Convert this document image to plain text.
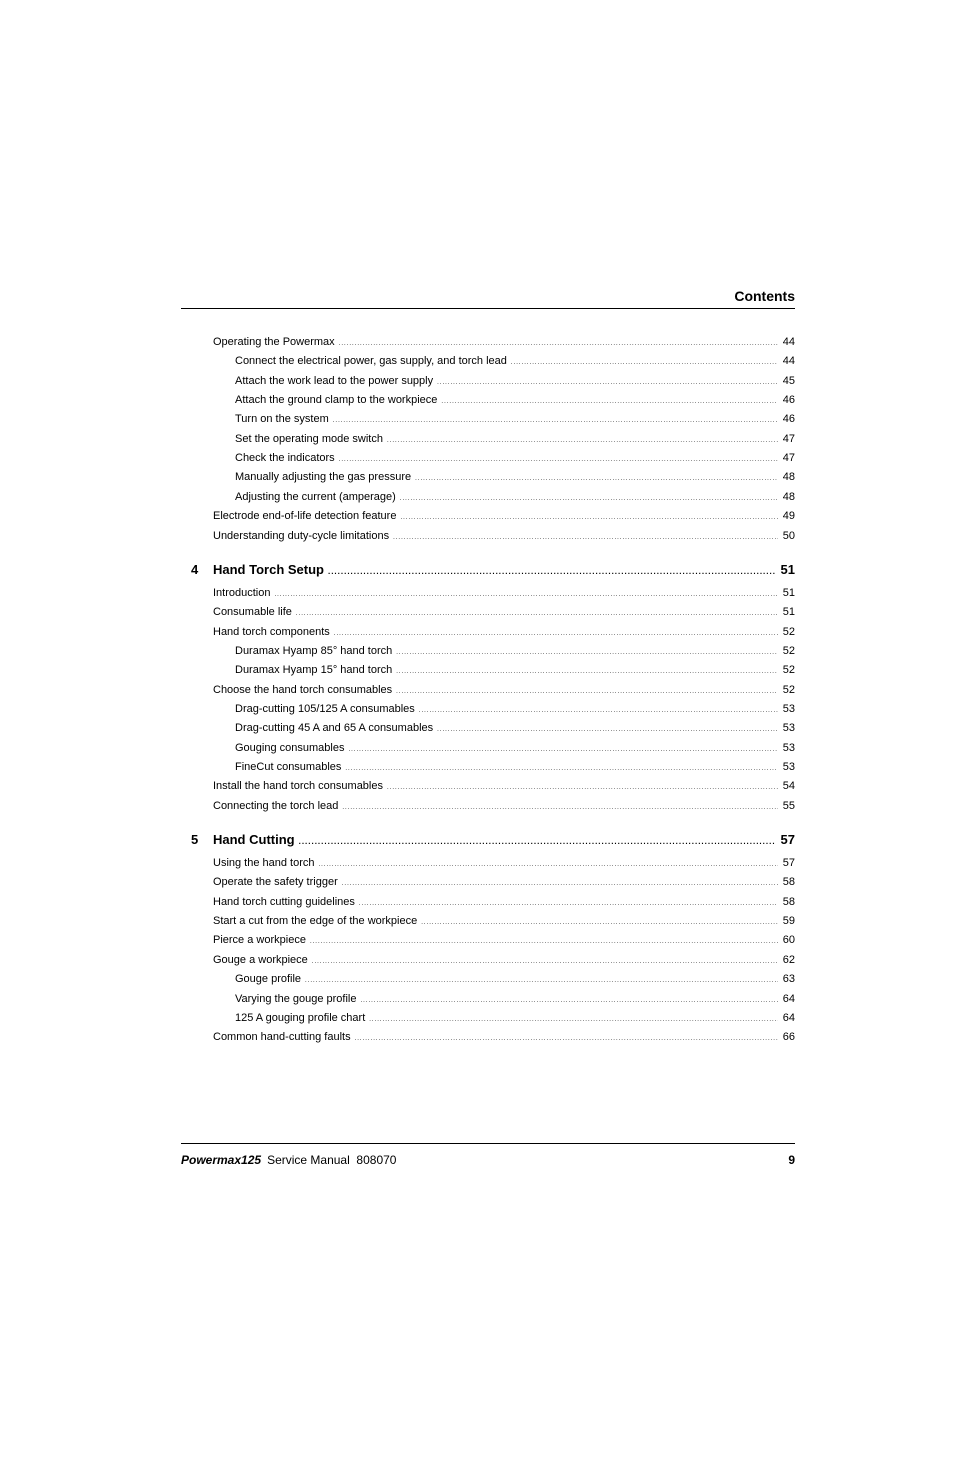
Contents
Operating the Powermax .....	44
Connect the electrical power, gas supply, and torch lead .....	44
Attach the work lead to the power supply .....	45
Attach the ground clamp to the workpiece .....	46
Turn on the system .....	46
Set the operating mode switch .....	47
Check the indicators .....	47
Manually adjusting the gas pressure .....	48
Adjusting the current (amperage) .....	48
Electrode end-of-life detection feature .....	49
Understanding duty-cycle limitations .....	50
4 Hand Torch Setup .....	51
Introduction .....	51
Consumable life .....	51
Hand torch components .....	52
Duramax Hyamp 85° hand torch .....	52
Duramax Hyamp 15° hand torch .....	52
Choose the hand torch consumables .....	52
Drag-cutting 105/125 A consumables .....	53
Drag-cutting 45 A and 65 A consumables .....	53
Gouging consumables .....	53
FineCut consumables .....	53
Install the hand torch consumables .....	54
Connecting the torch lead .....	55
5 Hand Cutting .....	57
Using the hand torch .....	57
Operate the safety trigger .....	58
Hand torch cutting guidelines .....	58
Start a cut from the edge of the workpiece .....	59
Pierce a workpiece .....	60
Gouge a workpiece .....	62
Gouge profile .....	63
Varying the gouge profile .....	64
125 A gouging profile chart .....	64
Common hand-cutting faults .....	66
Powermax125 Service Manual  808070	9
